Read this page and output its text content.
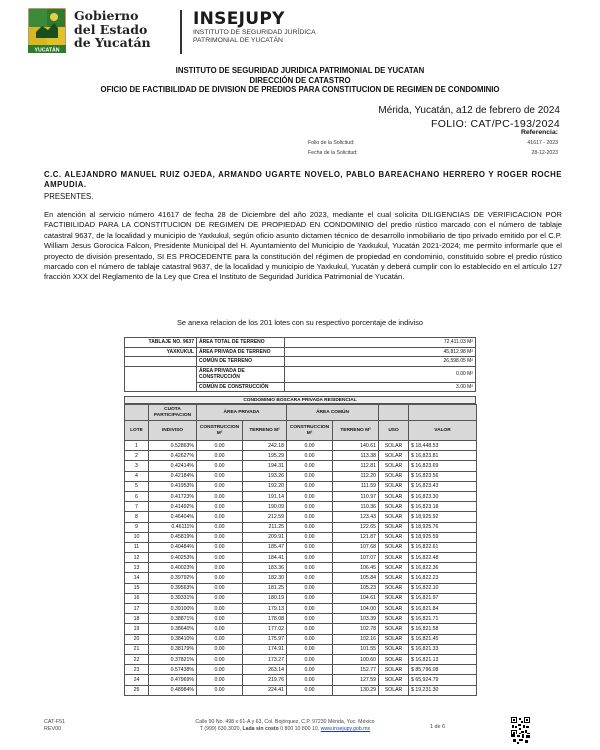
YUCATÁN
Gobierno
del Estado
de Yucatán
INSEJUPY
INSTITUTO DE SEGURIDAD JURÍDICA
PATRIMONIAL DE YUCATÁN
INSTITUTO DE SEGURIDAD JURIDICA PATRIMONIAL DE YUCATAN
DIRECCIÓN DE CATASTRO
OFICIO DE FACTIBILIDAD DE DIVISION DE PREDIOS PARA CONSTITUCION DE REGIMEN DE CONDOMINIO
Mérida, Yucatán, a12 de febrero de 2024
FOLIO: CAT/PC-193/2024
Referencia:
Folio de la Solicitud:	41617 - 2023
Fecha de la Solicitud:	28-12-2023
C.C. ALEJANDRO MANUEL RUIZ OJEDA, ARMANDO UGARTE NOVELO, PABLO BAREACHANO HERRERO Y ROGER ROCHE AMPUDIA.
PRESENTES.
En atención al servicio número 41617 de fecha 28 de Diciembre del año 2023, mediante el cual solicita DILIGENCIAS DE VERIFICACION POR FACTIBILIDAD PARA LA CONSTITUCION DE REGIMEN DE PROPIEDAD EN CONDOMINIO del predio rústico marcado con el número de tablaje catastral 9637, de la localidad y municipio de Yaxkukul, según oficio asunto dictamen técnico de desarrollo inmobiliario de tipo privado emitido por el C.P. William Jesus Gorocica Falcon, Presidente Municipal del H. Ayuntamiento del Municipio de Yaxkukul, Yucatán 2021-2024; me permito informarle que el proyecto de división presentado, SI ES PROCEDENTE para la constitución del régimen de propiedad en condominio, constituido sobre el predio rústico marcado con el número de tablaje catastral 9637, de la localidad y municipio de Yaxkukul, Yucatán y deberá cumplir con lo establecido en el artículo 127 fracción XXX del Reglamento de la Ley que Crea el Instituto de Seguridad Jurídica Patrimonial de Yucatán.
Se anexa relacion de los 201 lotes con su respectivo porcentaje de indiviso
TABLAJE NO. 9637	ÁREA TOTAL DE TERRENO	72,411.03 M²
YAXKUKUL	ÁREA PRIVADA DE TERRENO	45,812.98 M²
	COMÚN DE TERRENO	26,598.05 M²
	ÁREA PRIVADA DE CONSTRUCCIÓN	0.00 M²
	COMÚN DE CONSTRUCCIÓN	3.00 M²
CONDOMINIO BOSCARA PRIVADA RESIDENCIAL
	CUOTA PARTICIPACION	ÁREA PRIVADA		ÁREA COMÚN			
LOTE	INDIVISO	CONSTRUCCION M²	TERRENO M²	CONSTRUCCION M²	TERRENO M²	USO	VALOR
1	0.52863%	0.00	242.18	0.00	140.61	SOLAR	$ 18,448.53
2	0.42627%	0.00	195.29	0.00	113.38	SOLAR	$ 16,823.81
3	0.42414%	0.00	194.31	0.00	112.81	SOLAR	$ 16,823.69
4	0.42184%	0.00	193.26	0.00	112.20	SOLAR	$ 16,823.56
5	0.41953%	0.00	192.20	0.00	111.59	SOLAR	$ 16,823.43
6	0.41723%	0.00	191.14	0.00	110.97	SOLAR	$ 16,823.30
7	0.41492%	0.00	190.09	0.00	110.36	SOLAR	$ 16,823.18
8	0.46404%	0.00	212.59	0.00	123.43	SOLAR	$ 18,925.92
9	0.46111%	0.00	211.25	0.00	122.65	SOLAR	$ 18,925.76
10	0.45819%	0.00	209.91	0.00	121.87	SOLAR	$ 18,925.59
11	0.40484%	0.00	185.47	0.00	107.68	SOLAR	$ 16,822.61
12	0.40253%	0.00	184.41	0.00	107.07	SOLAR	$ 16,822.48
13	0.40023%	0.00	183.36	0.00	106.45	SOLAR	$ 16,822.36
14	0.39792%	0.00	182.30	0.00	105.84	SOLAR	$ 16,822.23
15	0.39563%	0.00	181.25	0.00	105.23	SOLAR	$ 16,822.10
16	0.39331%	0.00	180.19	0.00	104.61	SOLAR	$ 16,821.97
17	0.39100%	0.00	179.13	0.00	104.00	SOLAR	$ 16,821.84
18	0.38871%	0.00	178.08	0.00	103.39	SOLAR	$ 16,821.71
19	0.38640%	0.00	177.02	0.00	102.78	SOLAR	$ 16,821.58
20	0.38410%	0.00	175.97	0.00	102.16	SOLAR	$ 16,821.45
21	0.38179%	0.00	174.91	0.00	101.55	SOLAR	$ 16,821.33
22	0.37821%	0.00	173.27	0.00	100.60	SOLAR	$ 16,821.13
23	0.57438%	0.00	263.14	0.00	152.77	SOLAR	$ 85,796.08
24	0.47969%	0.00	219.76	0.00	127.59	SOLAR	$ 65,924.79
25	0.48984%	0.00	224.41	0.00	130.29	SOLAR	$ 19,231.30
CAT-F51
REV00
Calle 90 No. 498 x 61-A y 63, Col. Bojórquez, C.P. 97230 Mérida, Yuc. México
T (999) 630.3020, Lada sin costo 0 800 10 800 10, www.insejupy.gob.mx	1 de 6
